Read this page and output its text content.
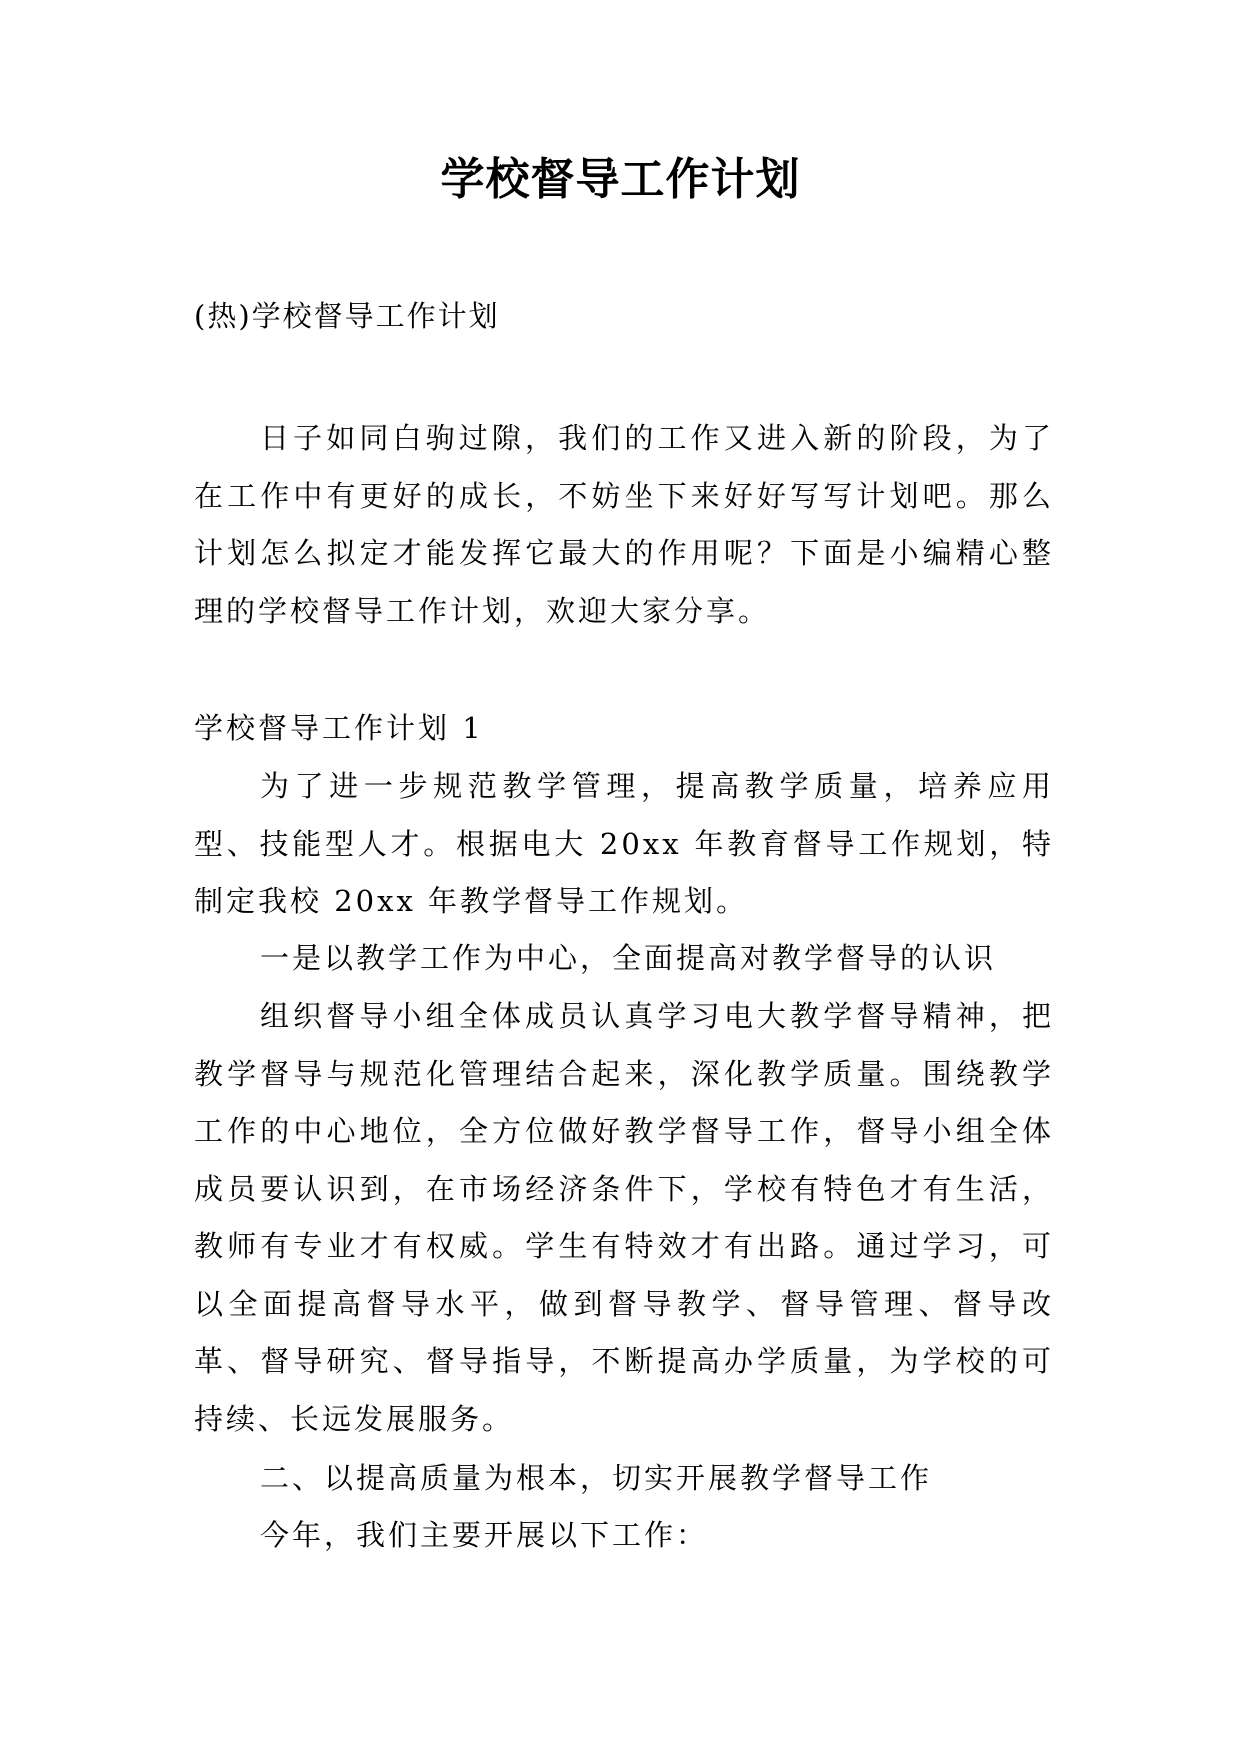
学校督导工作计划
(热)学校督导工作计划
日子如同白驹过隙，我们的工作又进入新的阶段，为了在工作中有更好的成长，不妨坐下来好好写写计划吧。那么计划怎么拟定才能发挥它最大的作用呢？下面是小编精心整理的学校督导工作计划，欢迎大家分享。
学校督导工作计划 1
为了进一步规范教学管理，提高教学质量，培养应用型、技能型人才。根据电大 20xx 年教育督导工作规划，特制定我校 20xx 年教学督导工作规划。
一是以教学工作为中心，全面提高对教学督导的认识
组织督导小组全体成员认真学习电大教学督导精神，把教学督导与规范化管理结合起来，深化教学质量。围绕教学工作的中心地位，全方位做好教学督导工作，督导小组全体成员要认识到，在市场经济条件下，学校有特色才有生活，教师有专业才有权威。学生有特效才有出路。通过学习，可以全面提高督导水平，做到督导教学、督导管理、督导改革、督导研究、督导指导，不断提高办学质量，为学校的可持续、长远发展服务。
二、以提高质量为根本，切实开展教学督导工作
今年，我们主要开展以下工作：
